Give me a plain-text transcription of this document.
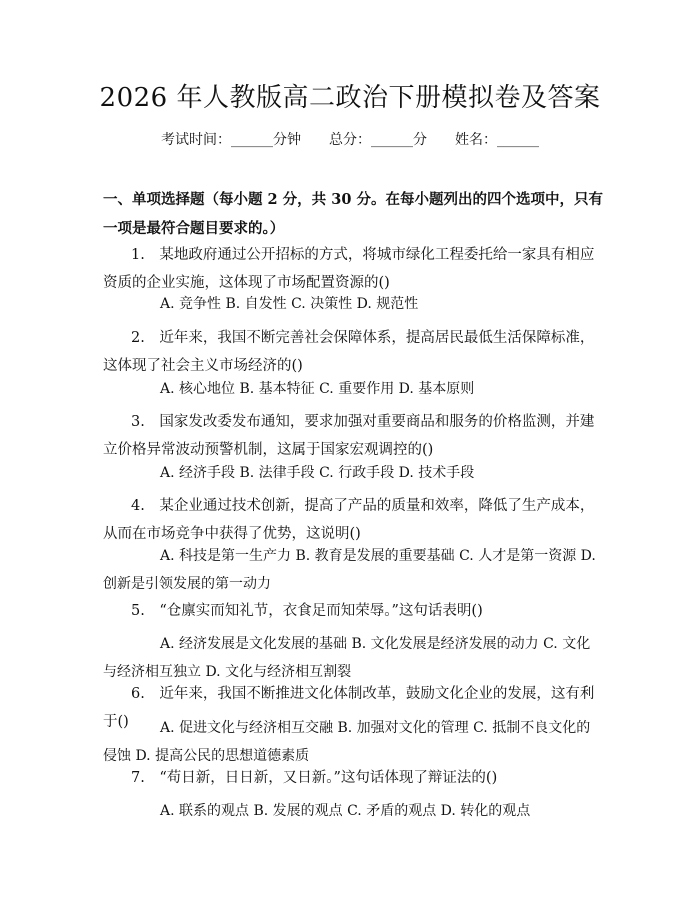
2026 年人教版高二政治下册模拟卷及答案
考试时间：______分钟 总分：______分 姓名：______
一、单项选择题（每小题 2 分，共 30 分。在每小题列出的四个选项中，只有一项是最符合题目要求的。）
1.　某地政府通过公开招标的方式，将城市绿化工程委托给一家具有相应资质的企业实施，这体现了市场配置资源的()
A. 竞争性 B. 自发性 C. 决策性 D. 规范性
2.　近年来，我国不断完善社会保障体系，提高居民最低生活保障标准，这体现了社会主义市场经济的()
A. 核心地位 B. 基本特征 C. 重要作用 D. 基本原则
3.　国家发改委发布通知，要求加强对重要商品和服务的价格监测，并建立价格异常波动预警机制，这属于国家宏观调控的()
A. 经济手段 B. 法律手段 C. 行政手段 D. 技术手段
4.　某企业通过技术创新，提高了产品的质量和效率，降低了生产成本，从而在市场竞争中获得了优势，这说明()
A. 科技是第一生产力 B. 教育是发展的重要基础 C. 人才是第一资源 D. 创新是引领发展的第一动力
5.　“仓廪实而知礼节，衣食足而知荣辱。”这句话表明()
A. 经济发展是文化发展的基础 B. 文化发展是经济发展的动力 C. 文化与经济相互独立 D. 文化与经济相互割裂
6.　近年来，我国不断推进文化体制改革，鼓励文化企业的发展，这有利于()	A. 促进文化与经济相互交融 B. 加强对文化的管理 C. 抵制不良文化的侵蚀 D. 提高公民的思想道德素质
7.　“苟日新，日日新，又日新。”这句话体现了辩证法的()
A. 联系的观点 B. 发展的观点 C. 矛盾的观点 D. 转化的观点
